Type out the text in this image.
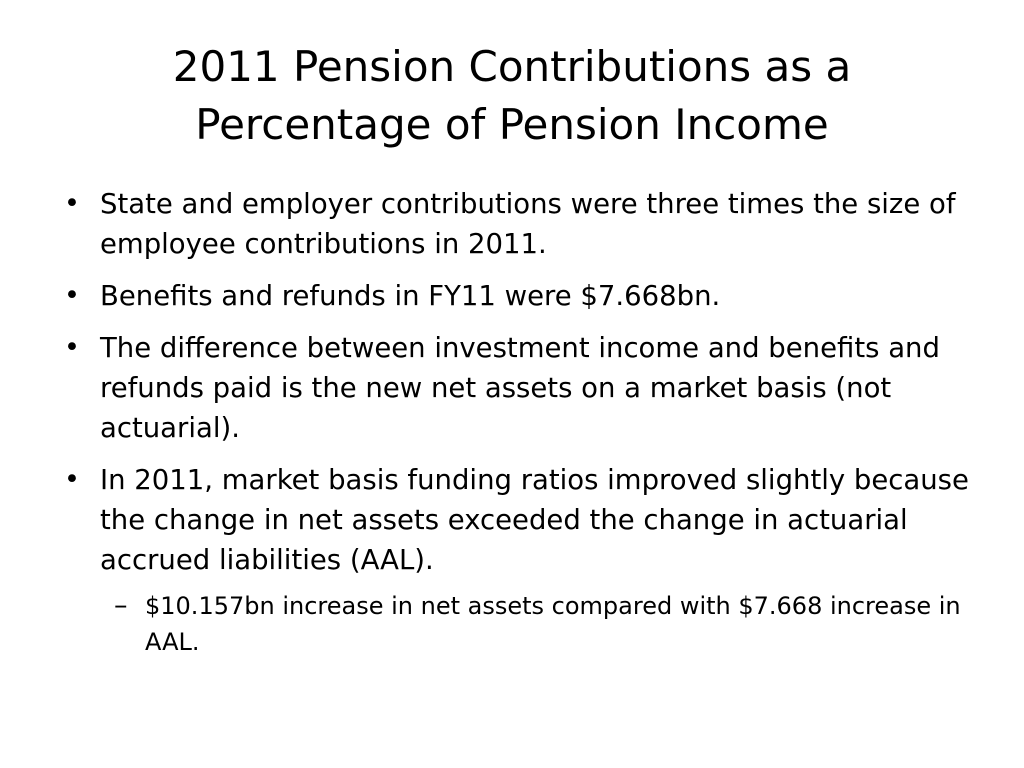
2011 Pension Contributions as a
Percentage of Pension Income
• State and employer contributions were three times the size of employee contributions in 2011.
• Benefits and refunds in FY11 were $7.668bn.
• The difference between investment income and benefits and refunds paid is the new net assets on a market basis (not actuarial).
• In 2011, market basis funding ratios improved slightly because the change in net assets exceeded the change in actuarial accrued liabilities (AAL).
– $10.157bn increase in net assets compared with $7.668 increase in AAL.
